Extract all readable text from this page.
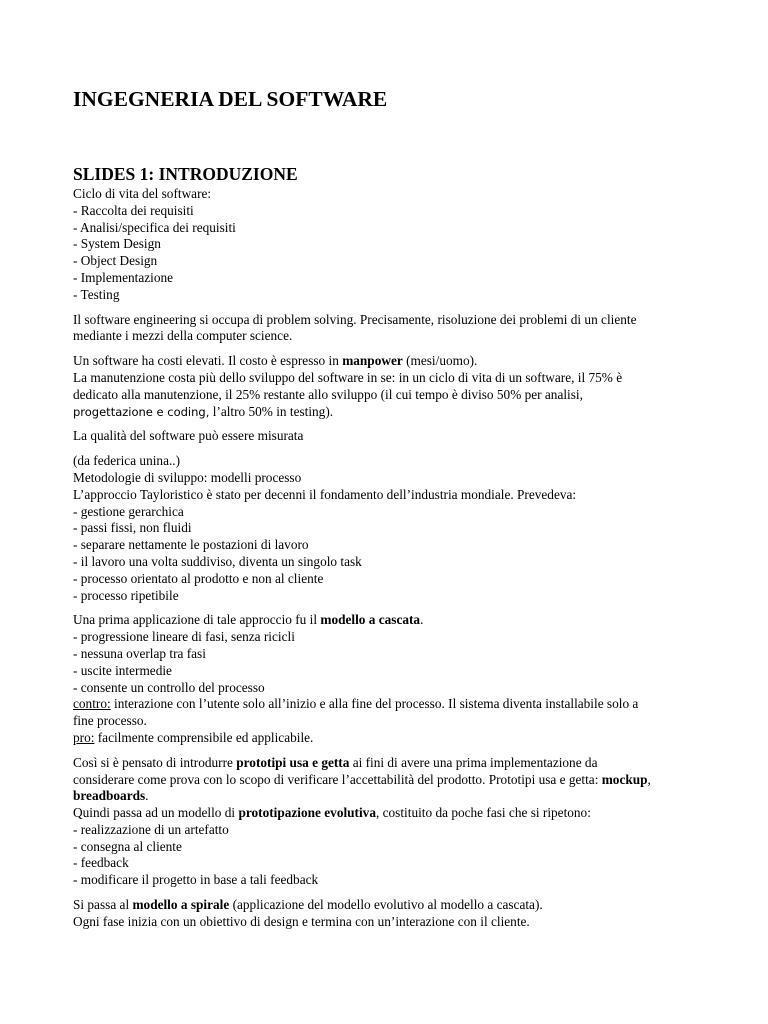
INGEGNERIA DEL SOFTWARE
SLIDES 1: INTRODUZIONE
Ciclo di vita del software:
- Raccolta dei requisiti
- Analisi/specifica dei requisiti
- System Design
- Object Design
- Implementazione
- Testing
Il software engineering si occupa di problem solving. Precisamente, risoluzione dei problemi di un cliente
mediante i mezzi della computer science.
Un software ha costi elevati. Il costo è espresso in manpower (mesi/uomo).
La manutenzione costa più dello sviluppo del software in se: in un ciclo di vita di un software, il 75% è
dedicato alla manutenzione, il 25% restante allo sviluppo (il cui tempo è diviso 50% per analisi,
progettazione e coding, l’altro 50% in testing).
La qualità del software può essere misurata
(da federica unina..)
Metodologie di sviluppo: modelli processo
L’approccio Tayloristico è stato per decenni il fondamento dell’industria mondiale. Prevedeva:
- gestione gerarchica
- passi fissi, non fluidi
- separare nettamente le postazioni di lavoro
- il lavoro una volta suddiviso, diventa un singolo task
- processo orientato al prodotto e non al cliente
- processo ripetibile
Una prima applicazione di tale approccio fu il modello a cascata.
- progressione lineare di fasi, senza ricicli
- nessuna overlap tra fasi
- uscite intermedie
- consente un controllo del processo
contro: interazione con l’utente solo all’inizio e alla fine del processo. Il sistema diventa installabile solo a
fine processo.
pro: facilmente comprensibile ed applicabile.
Così si è pensato di introdurre prototipi usa e getta ai fini di avere una prima implementazione da
considerare come prova con lo scopo di verificare l’accettabilità del prodotto. Prototipi usa e getta: mockup,
breadboards.
Quindi passa ad un modello di prototipazione evolutiva, costituito da poche fasi che si ripetono:
- realizzazione di un artefatto
- consegna al cliente
- feedback
- modificare il progetto in base a tali feedback
Si passa al modello a spirale (applicazione del modello evolutivo al modello a cascata).
Ogni fase inizia con un obiettivo di design e termina con un’interazione con il cliente.
